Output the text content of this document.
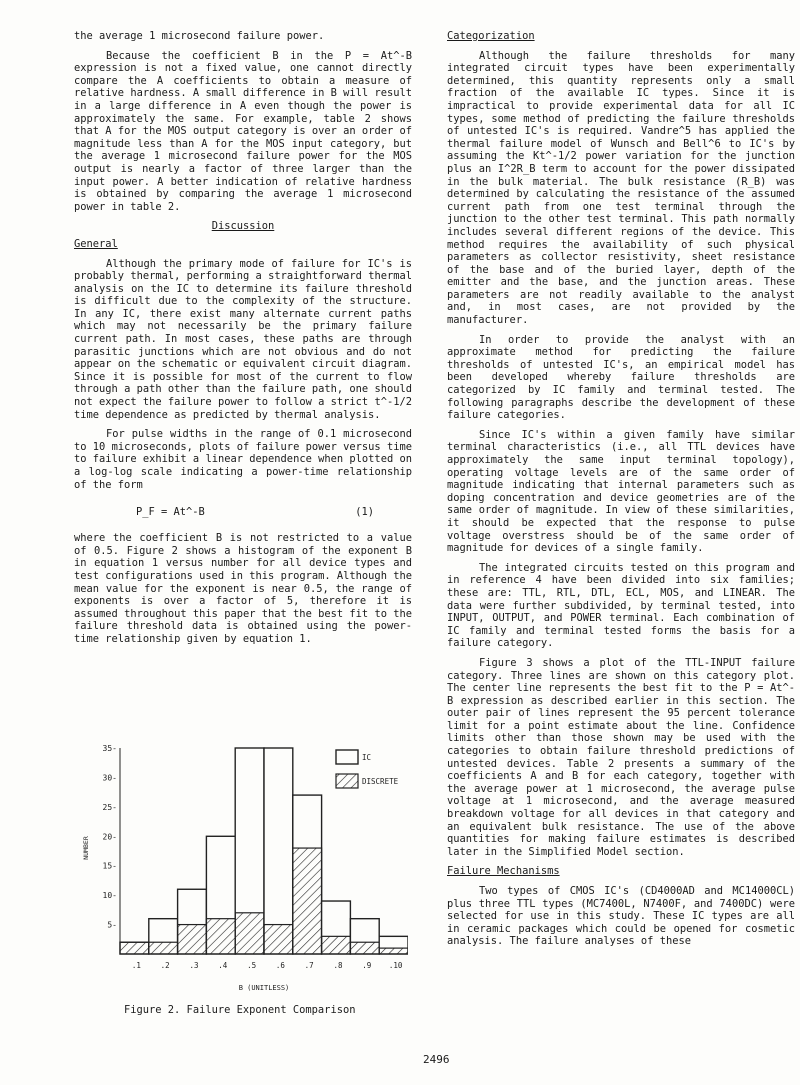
the average 1 microsecond failure power.

Because the coefficient B in the P = At^-B expression is not a fixed value, one cannot directly compare the A coefficients to obtain a measure of relative hardness. A small difference in B will result in a large difference in A even though the power is approximately the same. For example, table 2 shows that A for the MOS output category is over an order of magnitude less than A for the MOS input category, but the average 1 microsecond failure power for the MOS output is nearly a factor of three larger than the input power. A better indication of relative hardness is obtained by comparing the average 1 microsecond power in table 2.

Discussion
General

Although the primary mode of failure for IC's is probably thermal, performing a straightforward thermal analysis on the IC to determine its failure threshold is difficult due to the complexity of the structure. In any IC, there exist many alternate current paths which may not necessarily be the primary failure current path. In most cases, these paths are through parasitic junctions which are not obvious and do not appear on the schematic or equivalent circuit diagram. Since it is possible for most of the current to flow through a path other than the failure path, one should not expect the failure power to follow a strict t^-1/2 time dependence as predicted by thermal analysis.

For pulse widths in the range of 0.1 microsecond to 10 microseconds, plots of failure power versus time to failure exhibit a linear dependence when plotted on a log-log scale indicating a power-time relationship of the form

P_F = At^-B	(1)

where the coefficient B is not restricted to a value of 0.5. Figure 2 shows a histogram of the exponent B in equation 1 versus number for all device types and test configurations used in this program. Although the mean value for the exponent is near 0.5, the range of exponents is over a factor of 5, therefore it is assumed throughout this paper that the best fit to the failure threshold data is obtained using the power-time relationship given by equation 1.

Categorization

Although the failure thresholds for many integrated circuit types have been experimentally determined, this quantity represents only a small fraction of the available IC types. Since it is impractical to provide experimental data for all IC types, some method of predicting the failure thresholds of untested IC's is required. Vandre^5 has applied the thermal failure model of Wunsch and Bell^6 to IC's by assuming the Kt^-1/2 power variation for the junction plus an I^2R_B term to account for the power dissipated in the bulk material. The bulk resistance (R_B) was determined by calculating the resistance of the assumed current path from one test terminal through the junction to the other test terminal. This path normally includes several different regions of the device. This method requires the availability of such physical parameters as collector resistivity, sheet resistance of the base and of the buried layer, depth of the emitter and the base, and the junction areas. These parameters are not readily available to the analyst and, in most cases, are not provided by the manufacturer.

In order to provide the analyst with an approximate method for predicting the failure thresholds of untested IC's, an empirical model has been developed whereby failure thresholds are categorized by IC family and terminal tested. The following paragraphs describe the development of these failure categories.

Since IC's within a given family have similar terminal characteristics (i.e., all TTL devices have approximately the same input terminal topology), operating voltage levels are of the same order of magnitude indicating that internal parameters such as doping concentration and device geometries are of the same order of magnitude. In view of these similarities, it should be expected that the response to pulse voltage overstress should be of the same order of magnitude for devices of a single family.

The integrated circuits tested on this program and in reference 4 have been divided into six families; these are: TTL, RTL, DTL, ECL, MOS, and LINEAR. The data were further subdivided, by terminal tested, into INPUT, OUTPUT, and POWER terminal. Each combination of IC family and terminal tested forms the basis for a failure category.

Figure 3 shows a plot of the TTL-INPUT failure category. Three lines are shown on this category plot. The center line represents the best fit to the P = At^-B expression as described earlier in this section. The outer pair of lines represent the 95 percent tolerance limit for a point estimate about the line. Confidence limits other than those shown may be used with the categories to obtain failure threshold predictions of untested devices. Table 2 presents a summary of the coefficients A and B for each category, together with the average power at 1 microsecond, the average pulse voltage at 1 microsecond, and the average measured breakdown voltage for all devices in that category and an equivalent bulk resistance. The use of the above quantities for making failure estimates is described later in the Simplified Model section.

Failure Mechanisms

Two types of CMOS IC's (CD4000AD and MC14000CL) plus three TTL types (MC7400L, N7400F, and 7400DC) were selected for use in this study. These IC types are all in ceramic packages which could be opened for cosmetic analysis. The failure analyses of these

5-
10-
15-
20-
25-
30-
35-
NUMBER
.1	.2	.3	.4	.5	.6	.7	.8	.9 .10
B (UNITLESS)
IC
DISCRETE
Figure 2. Failure Exponent Comparison
2496
